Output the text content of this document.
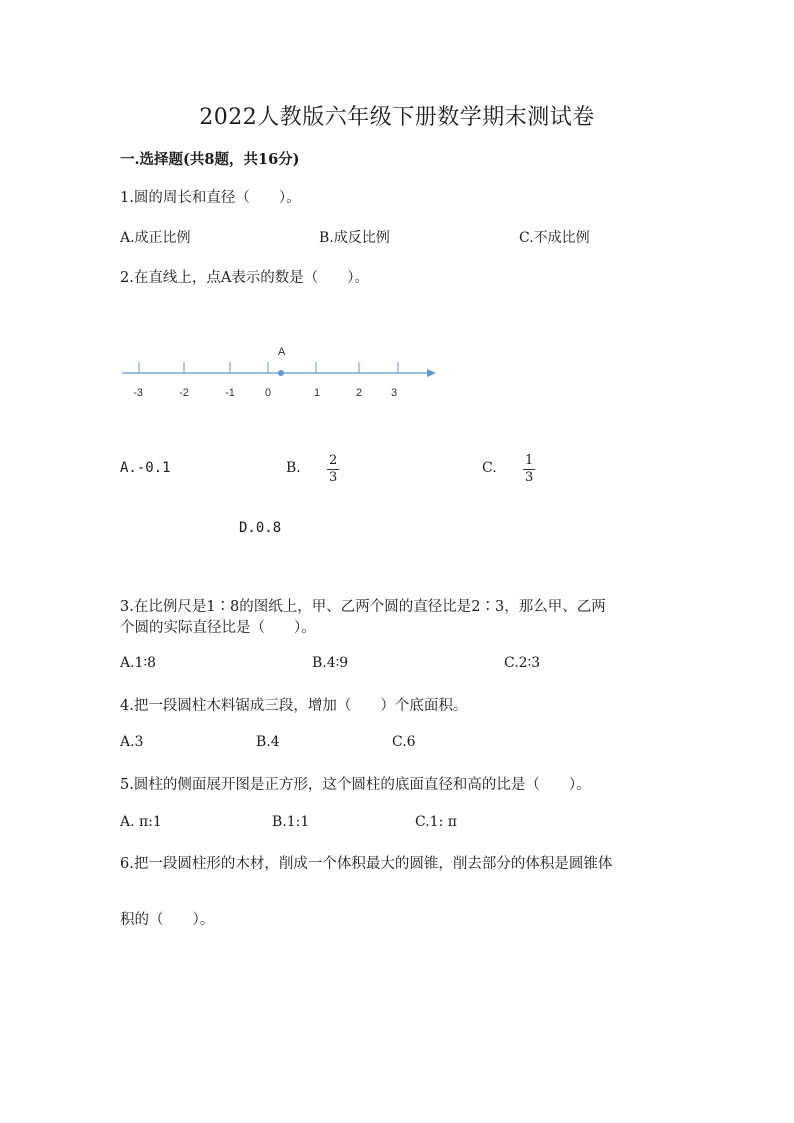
2022人教版六年级下册数学期末测试卷
一.选择题(共8题，共16分)
1.圆的周长和直径（　　）。
A.成正比例	B.成反比例	C.不成比例
2.在直线上，点A表示的数是（　　）。
-3	-2	-1	0	1	2	3
A
A.-0.1	B. $\frac{2}{3}$	C. $\frac{1}{3}$
D.0.8
3.在比例尺是1∶8的图纸上，甲、乙两个圆的直径比是2∶3，那么甲、乙两
个圆的实际直径比是（　　）。
A.1∶8	B.4∶9	C.2∶3
4.把一段圆柱木料锯成三段，增加（　　）个底面积。
A.3	B.4	C.6
5.圆柱的侧面展开图是正方形，这个圆柱的底面直径和高的比是（　　）。
A. π:1	B.1:1	C.1: π
6.把一段圆柱形的木材，削成一个体积最大的圆锥，削去部分的体积是圆锥体
积的（　　）。
